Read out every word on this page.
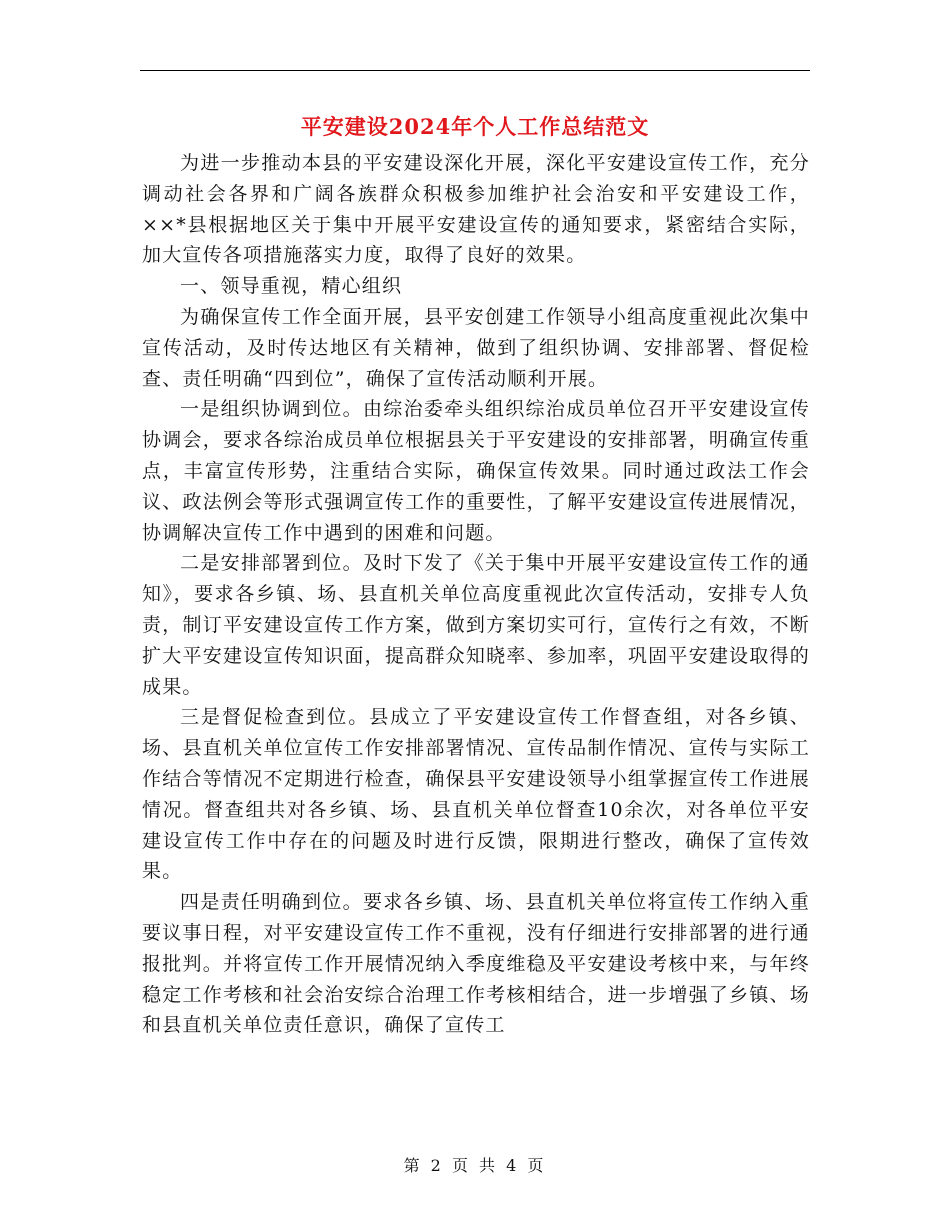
平安建设2024年个人工作总结范文

为进一步推动本县的平安建设深化开展，深化平安建设宣传工作，充分调动社会各界和广阔各族群众积极参加维护社会治安和平安建设工作，××*县根据地区关于集中开展平安建设宣传的通知要求，紧密结合实际，加大宣传各项措施落实力度，取得了良好的效果。

一、领导重视，精心组织

为确保宣传工作全面开展，县平安创建工作领导小组高度重视此次集中宣传活动，及时传达地区有关精神，做到了组织协调、安排部署、督促检查、责任明确“四到位”，确保了宣传活动顺利开展。

一是组织协调到位。由综治委牵头组织综治成员单位召开平安建设宣传协调会，要求各综治成员单位根据县关于平安建设的安排部署，明确宣传重点，丰富宣传形势，注重结合实际，确保宣传效果。同时通过政法工作会议、政法例会等形式强调宣传工作的重要性，了解平安建设宣传进展情况，协调解决宣传工作中遇到的困难和问题。

二是安排部署到位。及时下发了《关于集中开展平安建设宣传工作的通知》，要求各乡镇、场、县直机关单位高度重视此次宣传活动，安排专人负责，制订平安建设宣传工作方案，做到方案切实可行，宣传行之有效，不断扩大平安建设宣传知识面，提高群众知晓率、参加率，巩固平安建设取得的成果。

三是督促检查到位。县成立了平安建设宣传工作督查组，对各乡镇、场、县直机关单位宣传工作安排部署情况、宣传品制作情况、宣传与实际工作结合等情况不定期进行检查，确保县平安建设领导小组掌握宣传工作进展情况。督查组共对各乡镇、场、县直机关单位督查10余次，对各单位平安建设宣传工作中存在的问题及时进行反馈，限期进行整改，确保了宣传效果。

四是责任明确到位。要求各乡镇、场、县直机关单位将宣传工作纳入重要议事日程，对平安建设宣传工作不重视，没有仔细进行安排部署的进行通报批判。并将宣传工作开展情况纳入季度维稳及平安建设考核中来，与年终稳定工作考核和社会治安综合治理工作考核相结合，进一步增强了乡镇、场和县直机关单位责任意识，确保了宣传工

第 2 页 共 4 页
